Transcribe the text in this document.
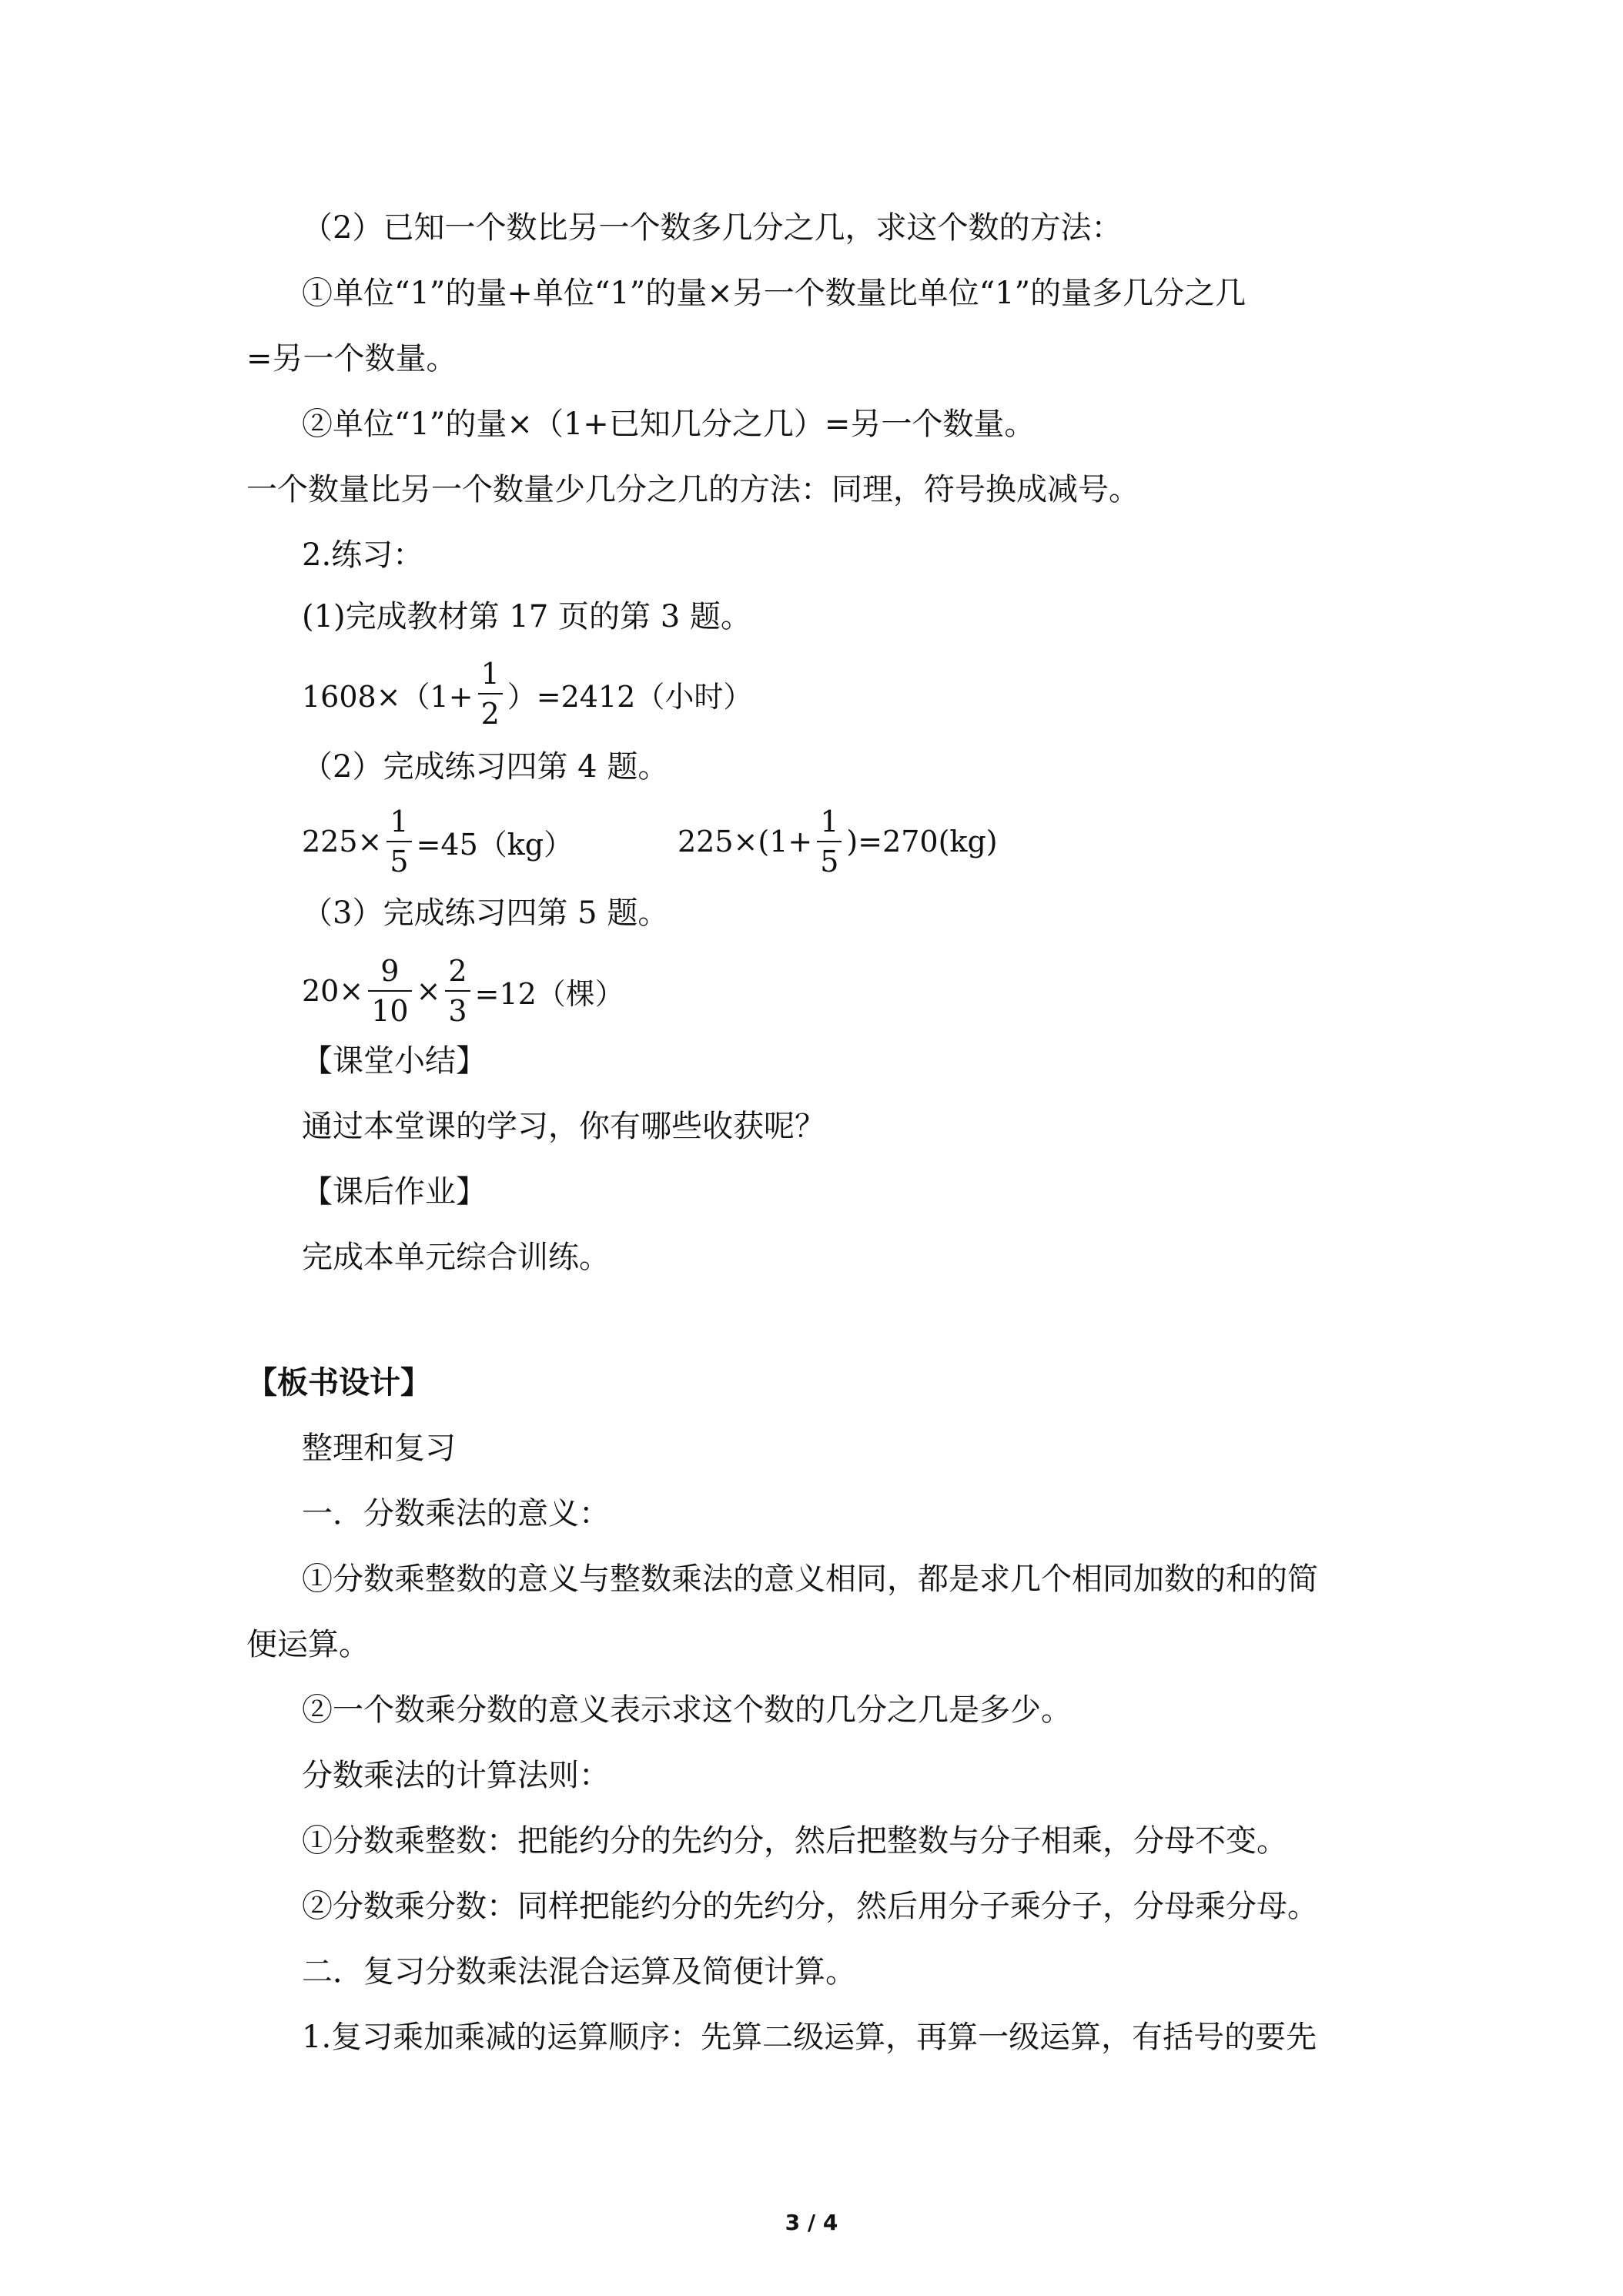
（2）已知一个数比另一个数多几分之几，求这个数的方法：
①单位“1”的量+单位“1”的量×另一个数量比单位“1”的量多几分之几
=另一个数量。
②单位“1”的量×（1+已知几分之几）=另一个数量。
一个数量比另一个数量少几分之几的方法：同理，符号换成减号。
2.练习：
(1)完成教材第 17 页的第 3 题。
$1608\times(1+ \frac{1}{2} )=2412$（小时）
（2）完成练习四第 4 题。
$225\times \frac{1}{5} =45(kg)$	$225\times(1+ \frac{1}{5} )=270(kg)$
（3）完成练习四第 5 题。
$20\times \frac{9}{10} \times \frac{2}{3} =12$（棵）
【课堂小结】
通过本堂课的学习，你有哪些收获呢？
【课后作业】
完成本单元综合训练。
【板书设计】
整理和复习
一．分数乘法的意义：
①分数乘整数的意义与整数乘法的意义相同，都是求几个相同加数的和的简
便运算。
②一个数乘分数的意义表示求这个数的几分之几是多少。
分数乘法的计算法则：
①分数乘整数：把能约分的先约分，然后把整数与分子相乘，分母不变。
②分数乘分数：同样把能约分的先约分，然后用分子乘分子，分母乘分母。
二．复习分数乘法混合运算及简便计算。
1.复习乘加乘减的运算顺序：先算二级运算，再算一级运算，有括号的要先
3 / 4
